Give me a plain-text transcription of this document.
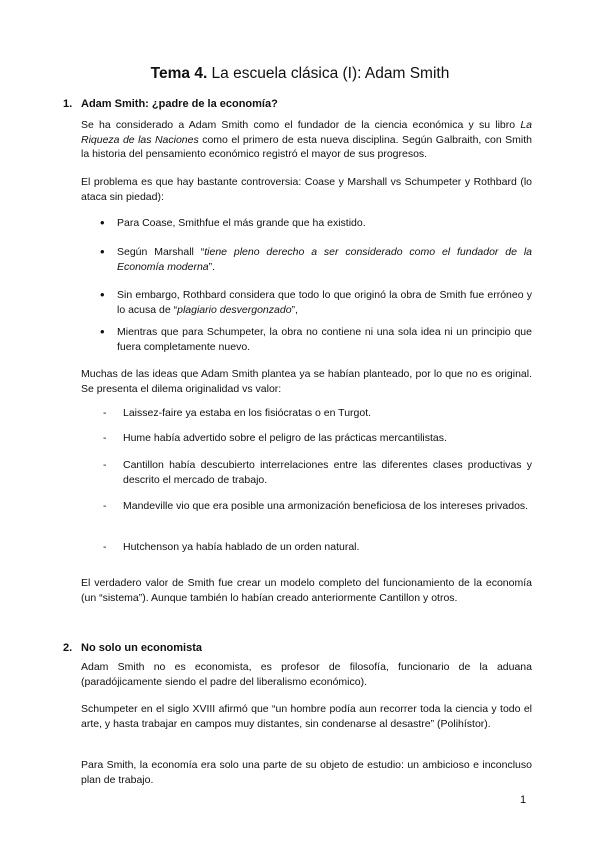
Tema 4. La escuela clásica (I): Adam Smith
1. Adam Smith: ¿padre de la economía?

Se ha considerado a Adam Smith como el fundador de la ciencia económica y su libro La Riqueza de las Naciones como el primero de esta nueva disciplina. Según Galbraith, con Smith la historia del pensamiento económico registró el mayor de sus progresos.

El problema es que hay bastante controversia: Coase y Marshall vs Schumpeter y Rothbard (lo ataca sin piedad):

• Para Coase, Smithfue el más grande que ha existido.

• Según Marshall “tiene pleno derecho a ser considerado como el fundador de la Economía moderna”.

• Sin embargo, Rothbard considera que todo lo que originó la obra de Smith fue erróneo y lo acusa de “plagiario desvergonzado”,

• Mientras que para Schumpeter, la obra no contiene ni una sola idea ni un principio que fuera completamente nuevo.

Muchas de las ideas que Adam Smith plantea ya se habían planteado, por lo que no es original. Se presenta el dilema originalidad vs valor:

- Laissez-faire ya estaba en los fisiócratas o en Turgot.

- Hume había advertido sobre el peligro de las prácticas mercantilistas.

- Cantillon había descubierto interrelaciones entre las diferentes clases productivas y descrito el mercado de trabajo.

- Mandeville vio que era posible una armonización beneficiosa de los intereses privados.

- Hutchenson ya había hablado de un orden natural.

El verdadero valor de Smith fue crear un modelo completo del funcionamiento de la economía (un “sistema”). Aunque también lo habían creado anteriormente Cantillon y otros.

2. No solo un economista

Adam Smith no es economista, es profesor de filosofía, funcionario de la aduana (paradójicamente siendo el padre del liberalismo económico).

Schumpeter en el siglo XVIII afirmó que “un hombre podía aun recorrer toda la ciencia y todo el arte, y hasta trabajar en campos muy distantes, sin condenarse al desastre” (Polihístor).

Para Smith, la economía era solo una parte de su objeto de estudio: un ambicioso e inconcluso plan de trabajo.

1
